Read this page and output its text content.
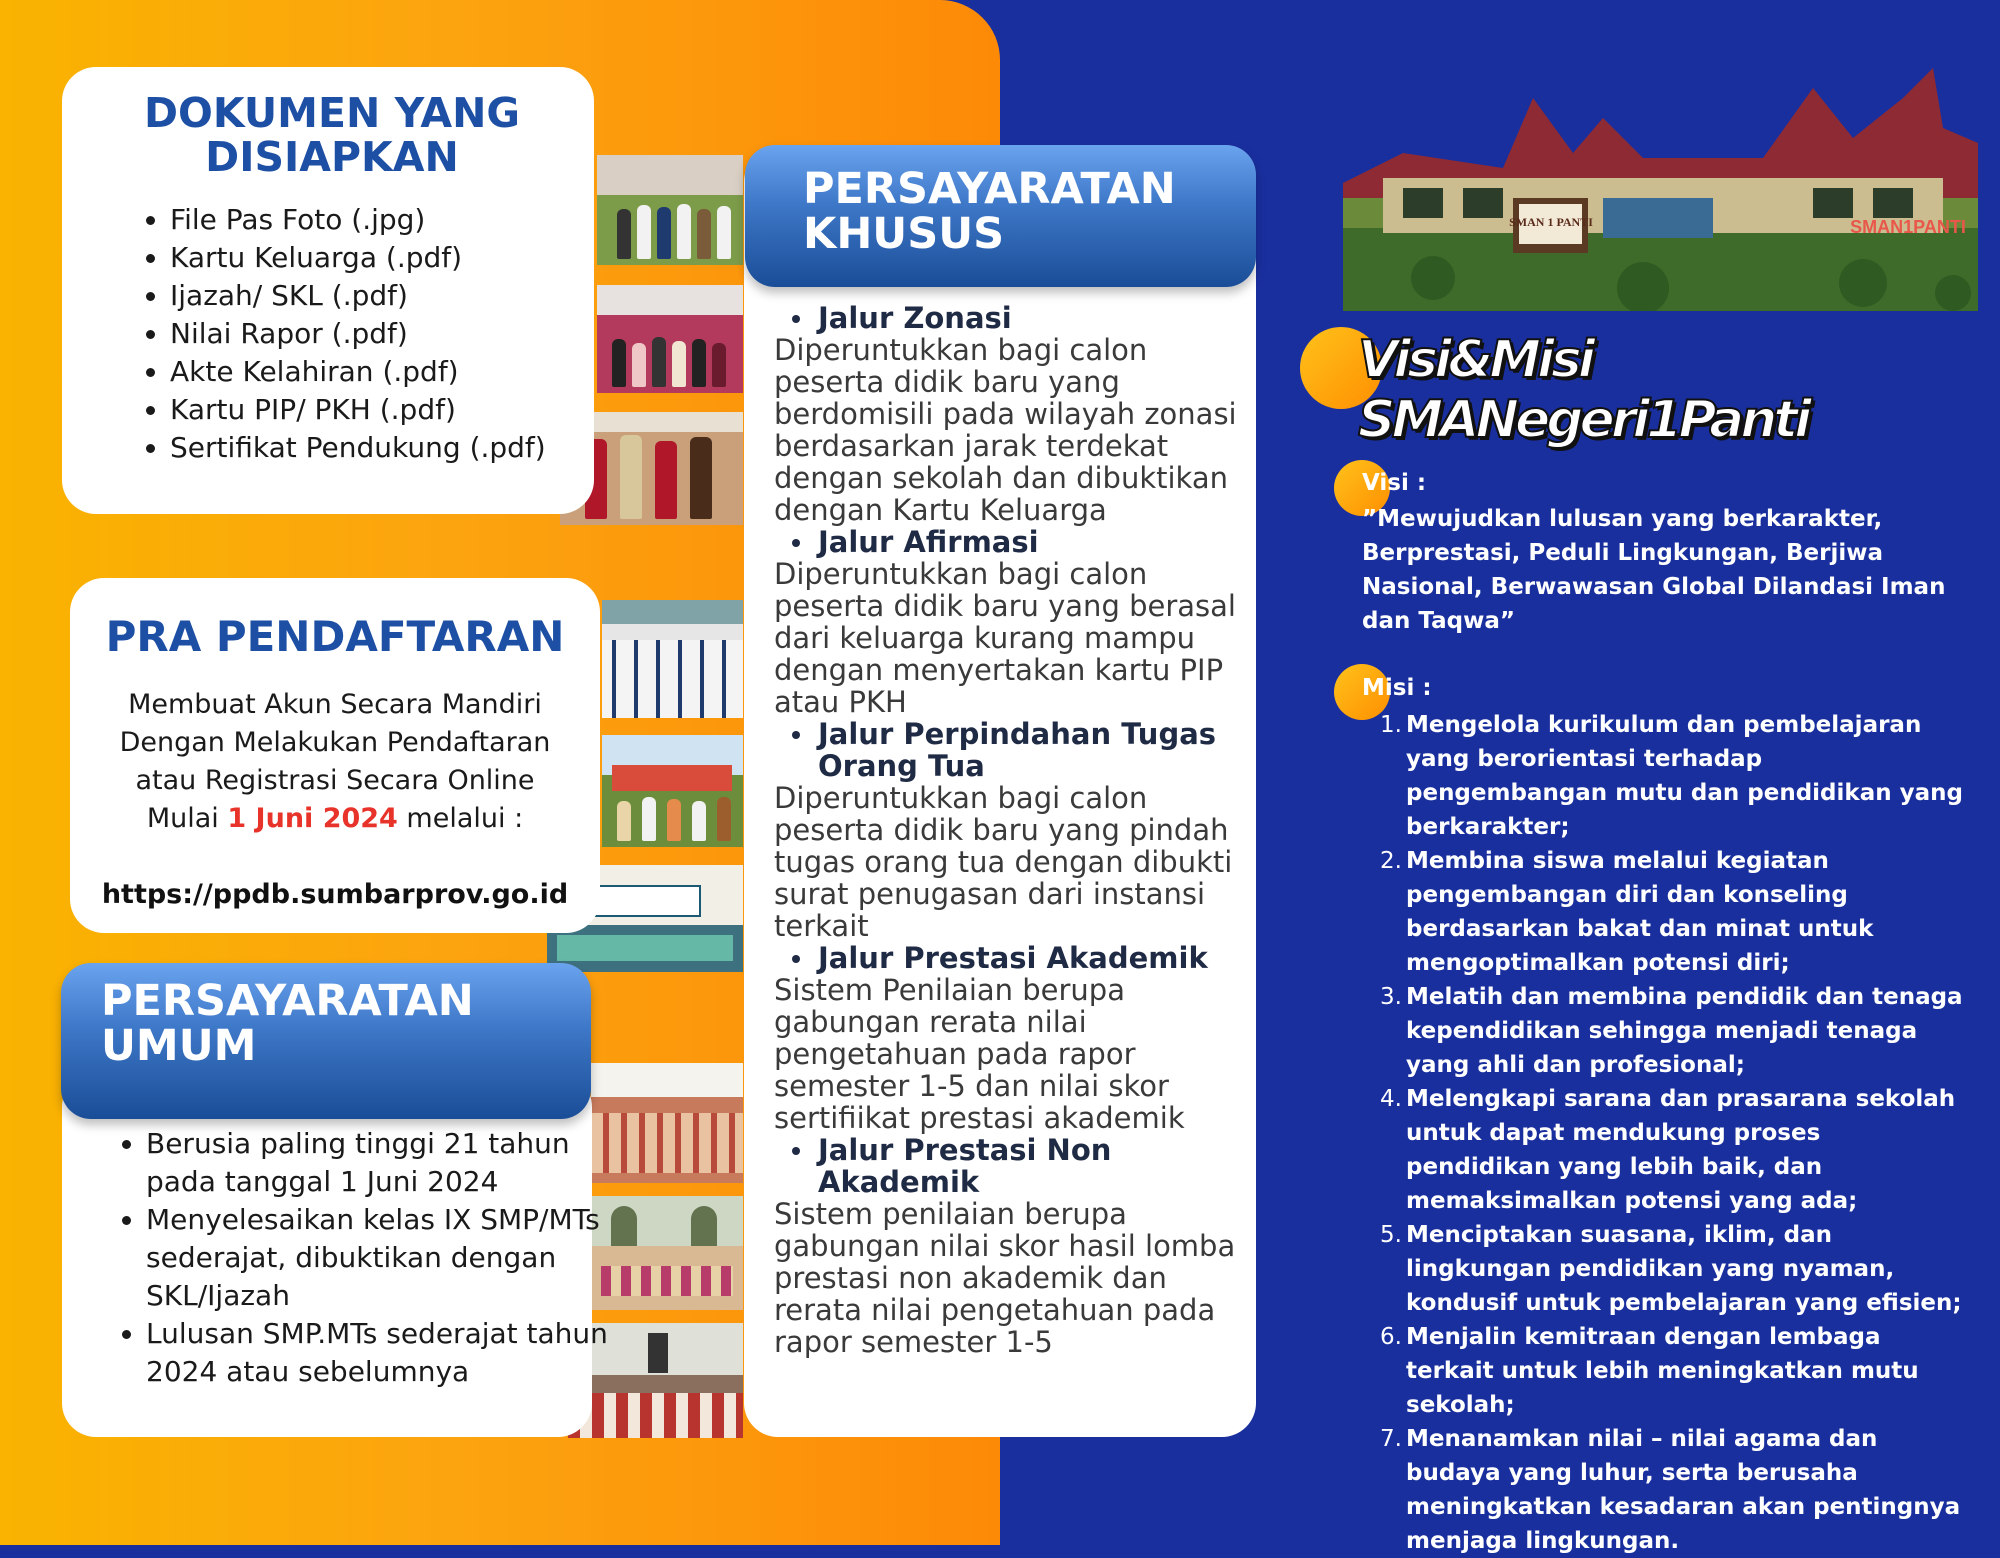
DOKUMEN YANG DISIAPKAN
• File Pas Foto (.jpg)
• Kartu Keluarga (.pdf)
• Ijazah/ SKL (.pdf)
• Nilai Rapor (.pdf)
• Akte Kelahiran (.pdf)
• Kartu PIP/ PKH (.pdf)
• Sertifikat Pendukung (.pdf)
PRA PENDAFTARAN
Membuat Akun Secara Mandiri
Dengan Melakukan Pendaftaran
atau Registrasi Secara Online
Mulai 1 Juni 2024 melalui :
https://ppdb.sumbarprov.go.id
• Berusia paling tinggi 21 tahun pada tanggal 1 Juni 2024
• Menyelesaikan kelas IX SMP/MTs sederajat, dibuktikan dengan SKL/Ijazah
• Lulusan SMP.MTs sederajat tahun 2024 atau sebelumnya
PERSAYARATAN
UMUM
Jalur Zonasi
Diperuntukkan bagi calon peserta didik baru yang berdomisili pada wilayah zonasi berdasarkan jarak terdekat dengan sekolah dan dibuktikan dengan Kartu Keluarga
Jalur Afirmasi
Diperuntukkan bagi calon peserta didik baru yang berasal dari keluarga kurang mampu dengan menyertakan kartu PIP atau PKH
Jalur Perpindahan Tugas Orang Tua
Diperuntukkan bagi calon peserta didik baru yang pindah tugas orang tua dengan dibukti surat penugasan dari instansi terkait
Jalur Prestasi Akademik
Sistem Penilaian berupa gabungan rerata nilai pengetahuan pada rapor semester 1-5 dan nilai skor sertifiikat prestasi akademik
Jalur Prestasi Non Akademik
Sistem penilaian berupa gabungan nilai skor hasil lomba prestasi non akademik dan rerata nilai pengetahuan pada rapor semester 1-5
PERSAYARATAN
KHUSUS	SMAN 1 PANTI	SMAN1PANTI
Visi&Misi
SMANegeri1Panti
Visi :
”Mewujudkan lulusan yang berkarakter, Berprestasi, Peduli Lingkungan, Berjiwa Nasional, Berwawasan Global Dilandasi Iman dan Taqwa”
Misi :
1. Mengelola kurikulum dan pembelajaran yang berorientasi terhadap pengembangan mutu dan pendidikan yang berkarakter;
2. Membina siswa melalui kegiatan pengembangan diri dan konseling berdasarkan bakat dan minat untuk mengoptimalkan potensi diri;
3. Melatih dan membina pendidik dan tenaga kependidikan sehingga menjadi tenaga yang ahli dan profesional;
4. Melengkapi sarana dan prasarana sekolah untuk dapat mendukung proses pendidikan yang lebih baik, dan memaksimalkan potensi yang ada;
5. Menciptakan suasana, iklim, dan lingkungan pendidikan yang nyaman, kondusif untuk pembelajaran yang efisien;
6. Menjalin kemitraan dengan lembaga terkait untuk lebih meningkatkan mutu sekolah;
7. Menanamkan nilai – nilai agama dan budaya yang luhur, serta berusaha meningkatkan kesadaran akan pentingnya menjaga lingkungan.
